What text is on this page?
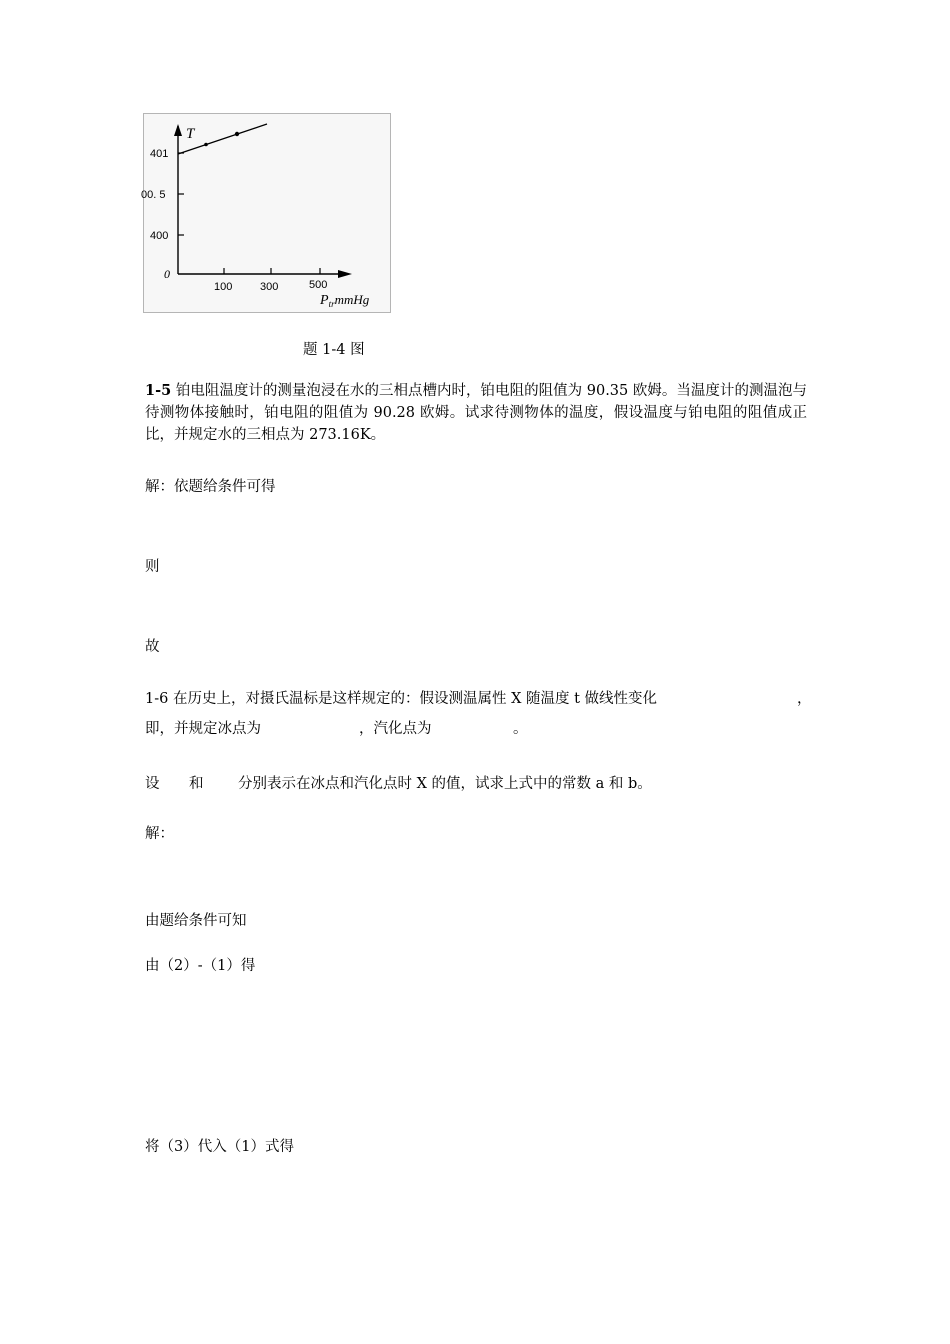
T
401
00. 5
400
0
100	300	500
$P_{tr}mmHg$
题 1-4 图
1-5 铂电阻温度计的测量泡浸在水的三相点槽内时，铂电阻的阻值为 90.35 欧姆。当温度计的测温泡与待测物体接触时，铂电阻的阻值为 90.28 欧姆。试求待测物体的温度，假设温度与铂电阻的阻值成正比，并规定水的三相点为 273.16K。
解：依题给条件可得
则
故
1-6 在历史上，对摄氏温标是这样规定的：假设测温属性 X 随温度 t 做线性变化	，
即，并规定冰点为	，汽化点为	。
设 和 分别表示在冰点和汽化点时 X 的值，试求上式中的常数 a 和 b。
解：
由题给条件可知
由（2）-（1）得
将（3）代入（1）式得
